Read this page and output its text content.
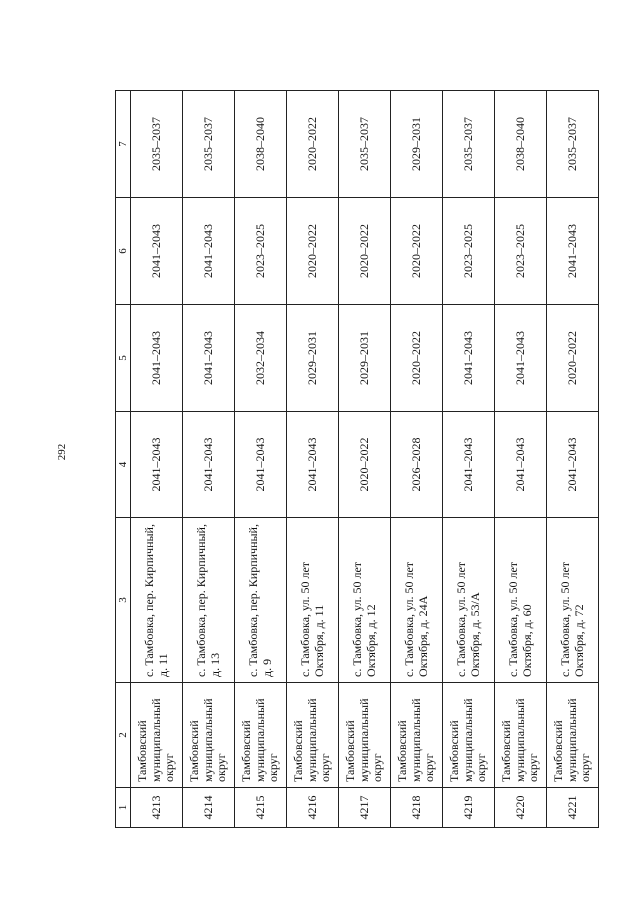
292
1	2	3	4	5	6	7
4213	Тамбовский муниципальный округ	с. Тамбовка, пер. Кирпичный, д. 11	2041–2043	2041–2043	2041–2043	2035–2037
4214	Тамбовский муниципальный округ	с. Тамбовка, пер. Кирпичный, д. 13	2041–2043	2041–2043	2041–2043	2035–2037
4215	Тамбовский муниципальный округ	с. Тамбовка, пер. Кирпичный, д. 9	2041–2043	2032–2034	2023–2025	2038–2040
4216	Тамбовский муниципальный округ	с. Тамбовка, ул. 50 лет Октября, д. 11	2041–2043	2029–2031	2020–2022	2020–2022
4217	Тамбовский муниципальный округ	с. Тамбовка, ул. 50 лет Октября, д. 12	2020–2022	2029–2031	2020–2022	2035–2037
4218	Тамбовский муниципальный округ	с. Тамбовка, ул. 50 лет Октября, д. 24А	2026–2028	2020–2022	2020–2022	2029–2031
4219	Тамбовский муниципальный округ	с. Тамбовка, ул. 50 лет Октября, д. 53/А	2041–2043	2041–2043	2023–2025	2035–2037
4220	Тамбовский муниципальный округ	с. Тамбовка, ул. 50 лет Октября, д. 60	2041–2043	2041–2043	2023–2025	2038–2040
4221	Тамбовский муниципальный округ	с. Тамбовка, ул. 50 лет Октября, д. 72	2041–2043	2020–2022	2041–2043	2035–2037
